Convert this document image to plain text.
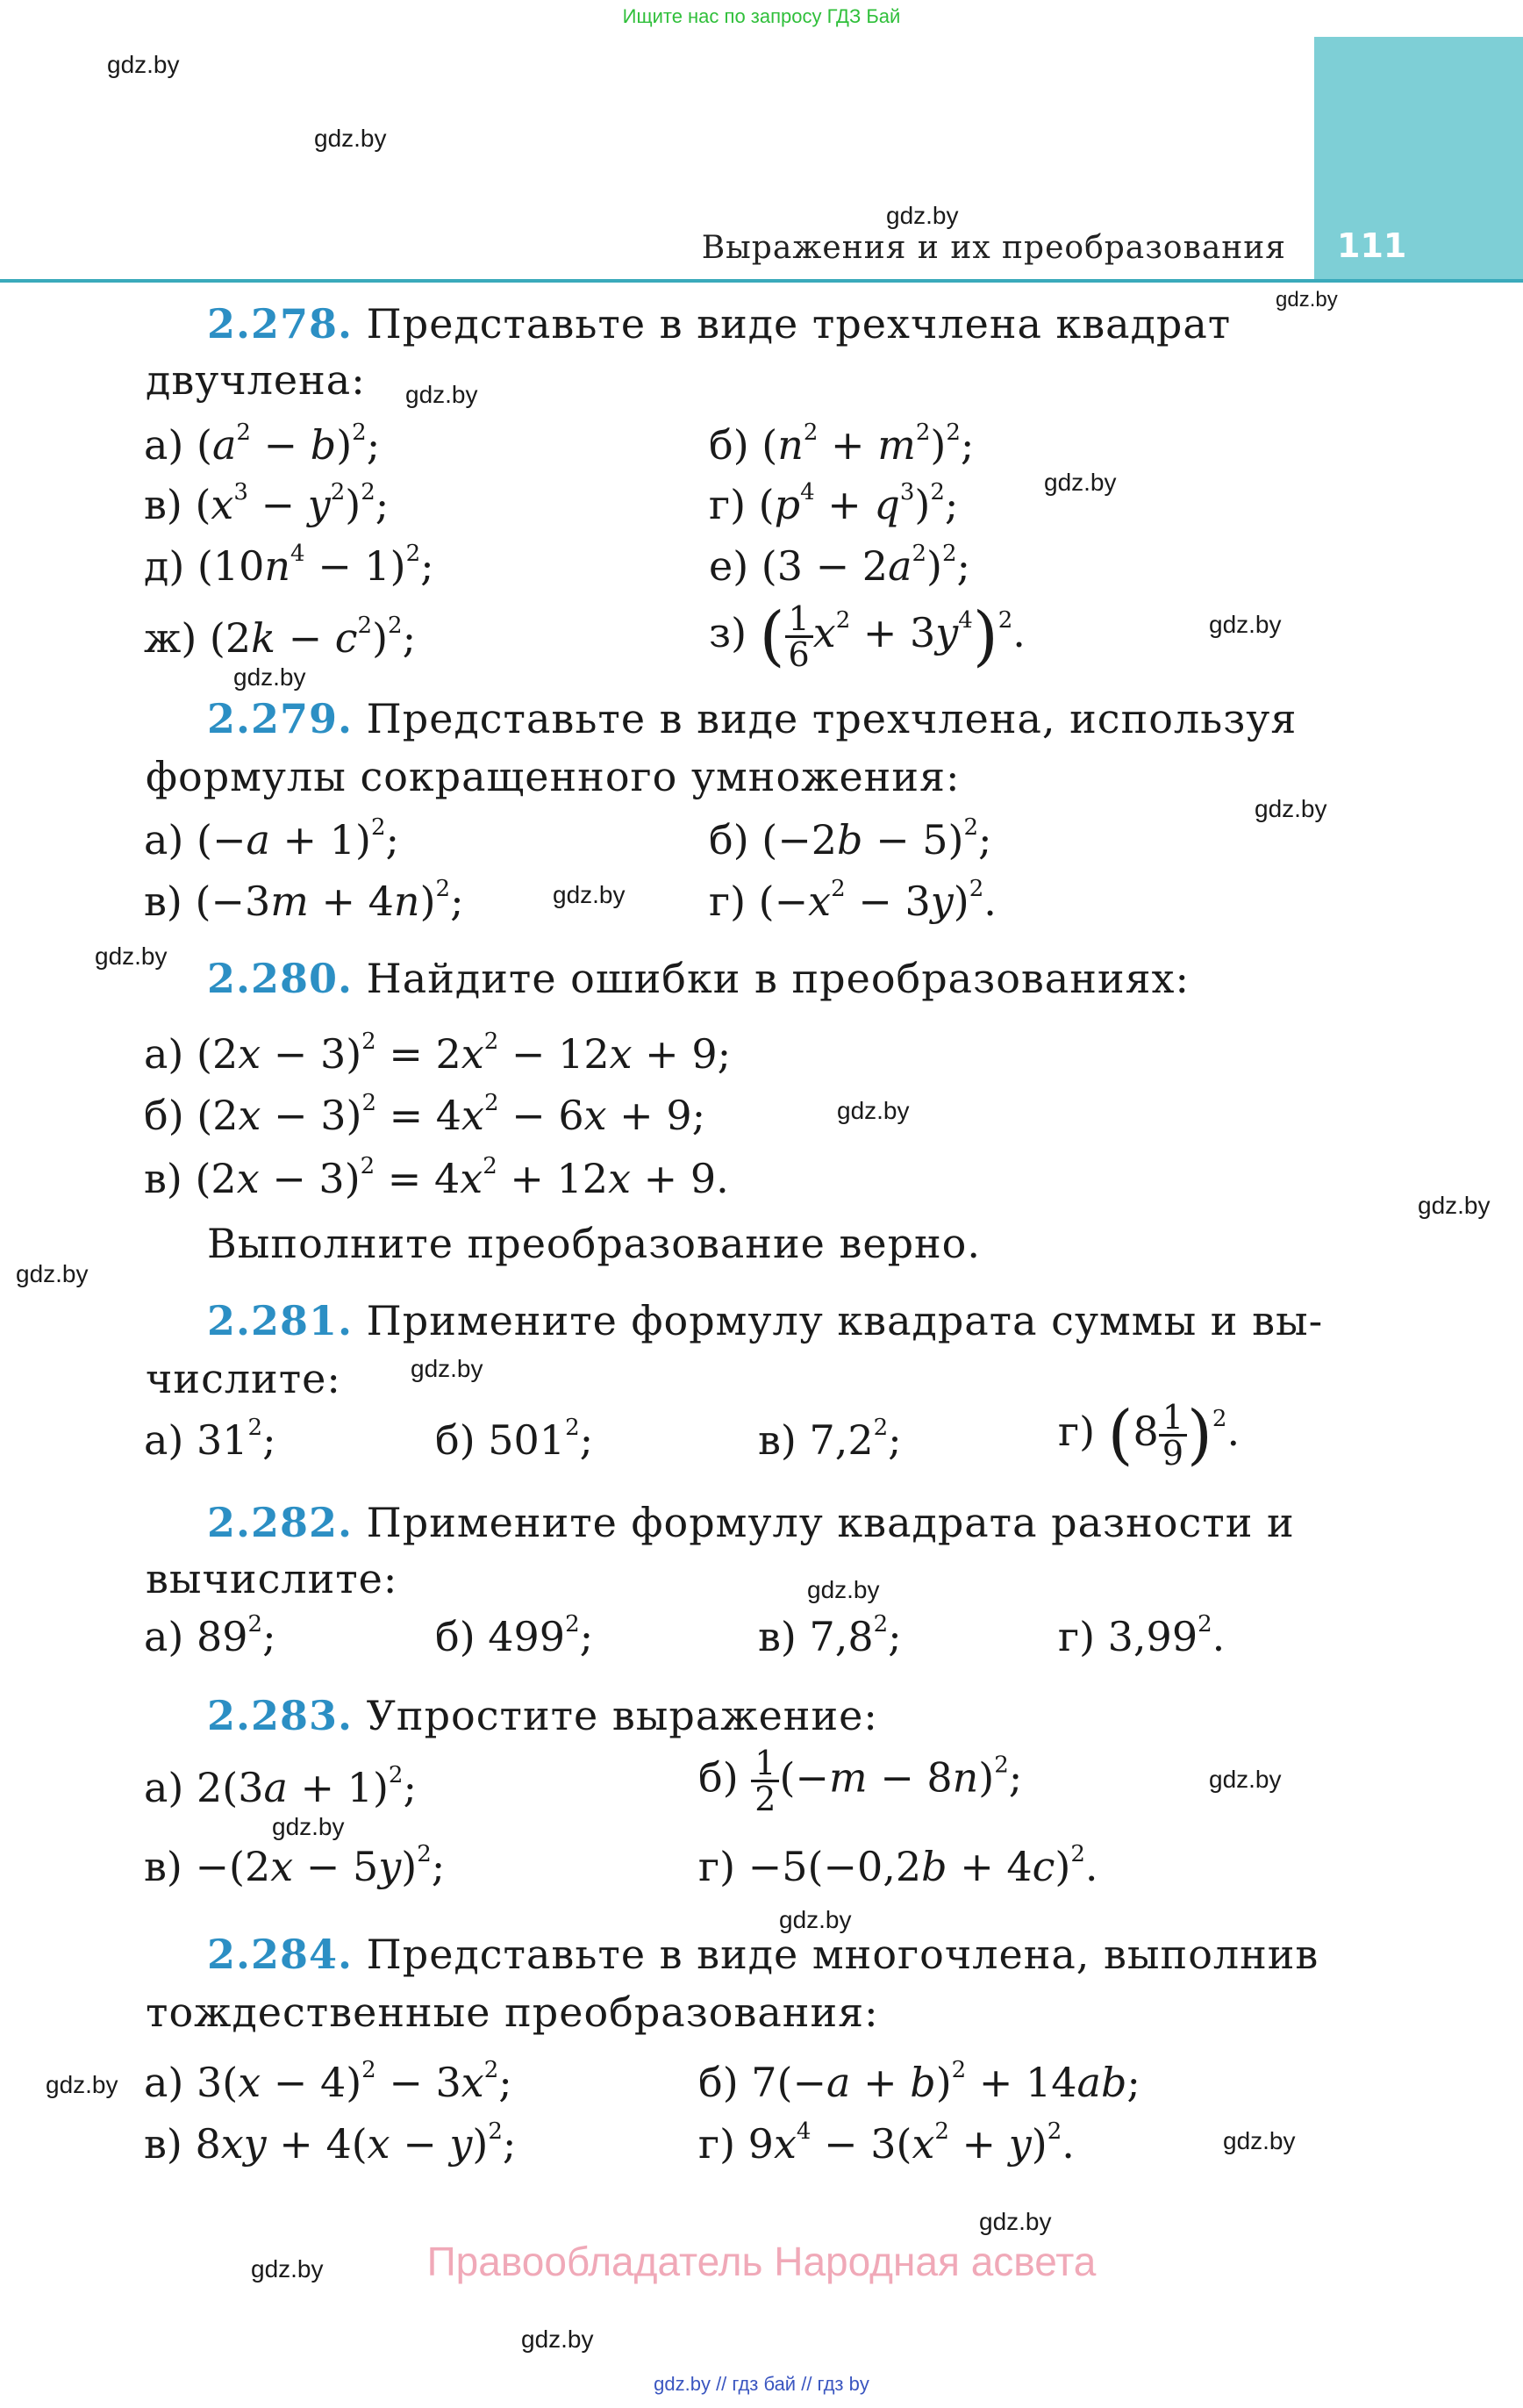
Ищите нас по запросу ГДЗ Бай
111
Выражения и их преобразования
gdz.by
gdz.by
gdz.by
gdz.by
gdz.by
gdz.by
gdz.by
gdz.by
gdz.by
gdz.by
gdz.by
gdz.by
gdz.by
gdz.by
gdz.by
gdz.by
gdz.by
gdz.by
gdz.by
gdz.by
gdz.by
gdz.by
gdz.by
gdz.by
2.278. Представьте в виде трехчлена квадрат
двучлена:
а) $(a^2 - b)^2$;	б) $(n^2 + m^2)^2$;
в) $(x^3 - y^2)^2$;	г) $(p^4 + q^3)^2$;
д) $(10n^4 - 1)^2$;	е) $(3 - 2a^2)^2$;
ж) $(2k - c^2)^2$;	з) ( $\frac{1}{6} x^2 + 3y^4)^2$.
2.279. Представьте в виде трехчлена, используя
формулы сокращенного умножения:
а) $(-a + 1)^2$;	б) $(-2b - 5)^2$;
в) $(-3m + 4n)^2$;	г) $(-x^2 - 3y)^2$.
2.280. Найдите ошибки в преобразованиях:
а) $(2x - 3)^2 = 2x^2 - 12x + 9$;
б) $(2x - 3)^2 = 4x^2 - 6x + 9$;
в) $(2x - 3)^2 = 4x^2 + 12x + 9$.
Выполните преобразование верно.
2.281. Примените формулу квадрата суммы и вы-
числите:
а) $31^2$;	б) $501^2$;	в) $7,2^2$;	г) $(8 \frac{1}{9} )^2$.
2.282. Примените формулу квадрата разности и
вычислите:
а) $89^2$;	б) $499^2$;	в) $7,8^2$;	г) 3,99$^2$.
2.283. Упростите выражение:
а) $2(3a + 1)^2$;	$б) \frac{1}{2} (-m - 8n)^2$;
$в) -(2x - 5y)^2$;	$г) -5(-0,2b + 4c)^2$.
2.284. Представьте в виде многочлена, выполнив
тождественные преобразования:
а) $3(x - 4)^2 - 3x^2$;	б) $7(-a + b)^2 + 14ab$;
в) $8xy + 4(x - y)^2$;	г) $9x^4 - 3(x^2 + y)^2$.
Правообладатель Народная асвета
gdz.by // гдз бай // гдз by
